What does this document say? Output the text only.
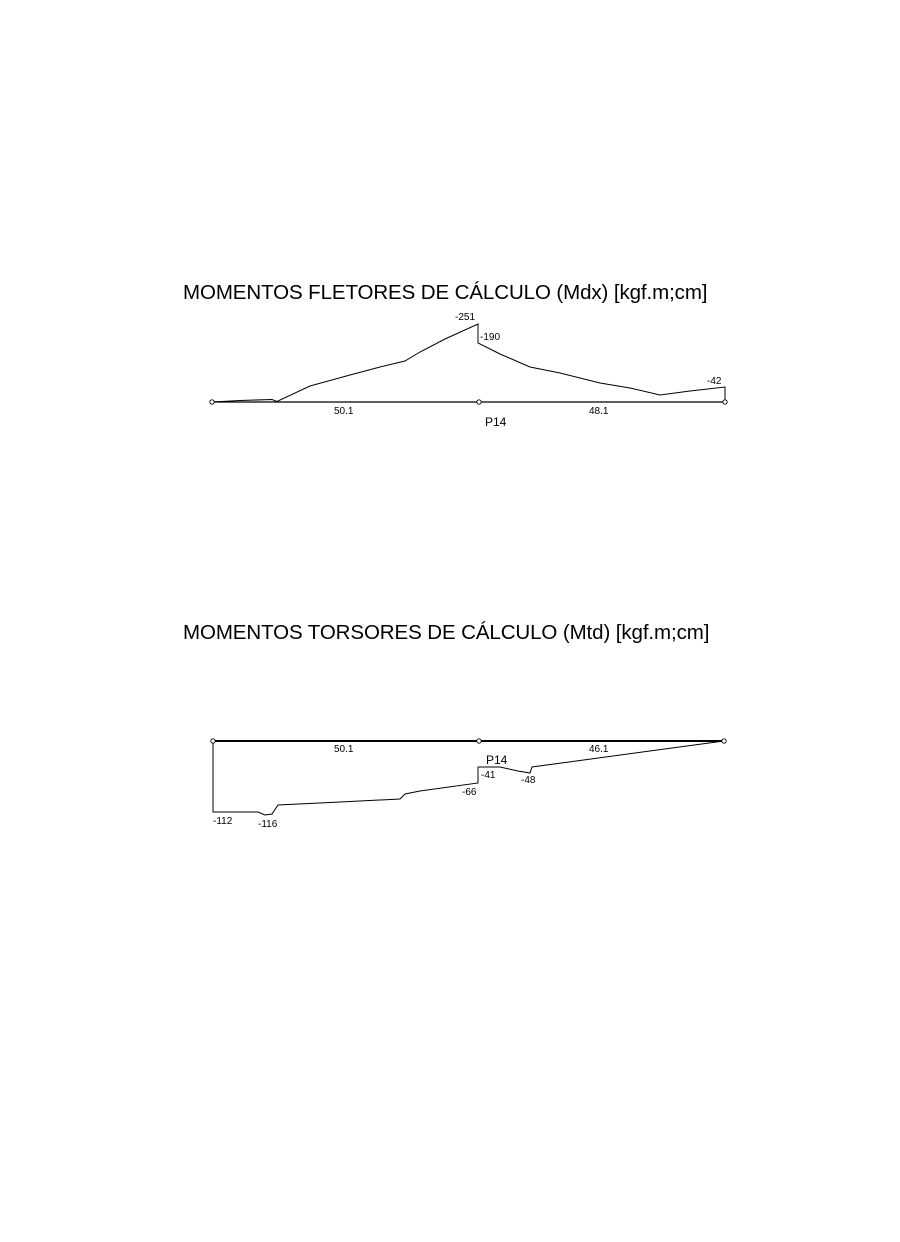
MOMENTOS FLETORES DE CÁLCULO (Mdx) [kgf.m;cm]
-251
-190
-42
50.1	48.1
P14
MOMENTOS TORSORES DE CÁLCULO (Mtd) [kgf.m;cm]
50.1	46.1
P14
-41	-48
-66
-112	-116
